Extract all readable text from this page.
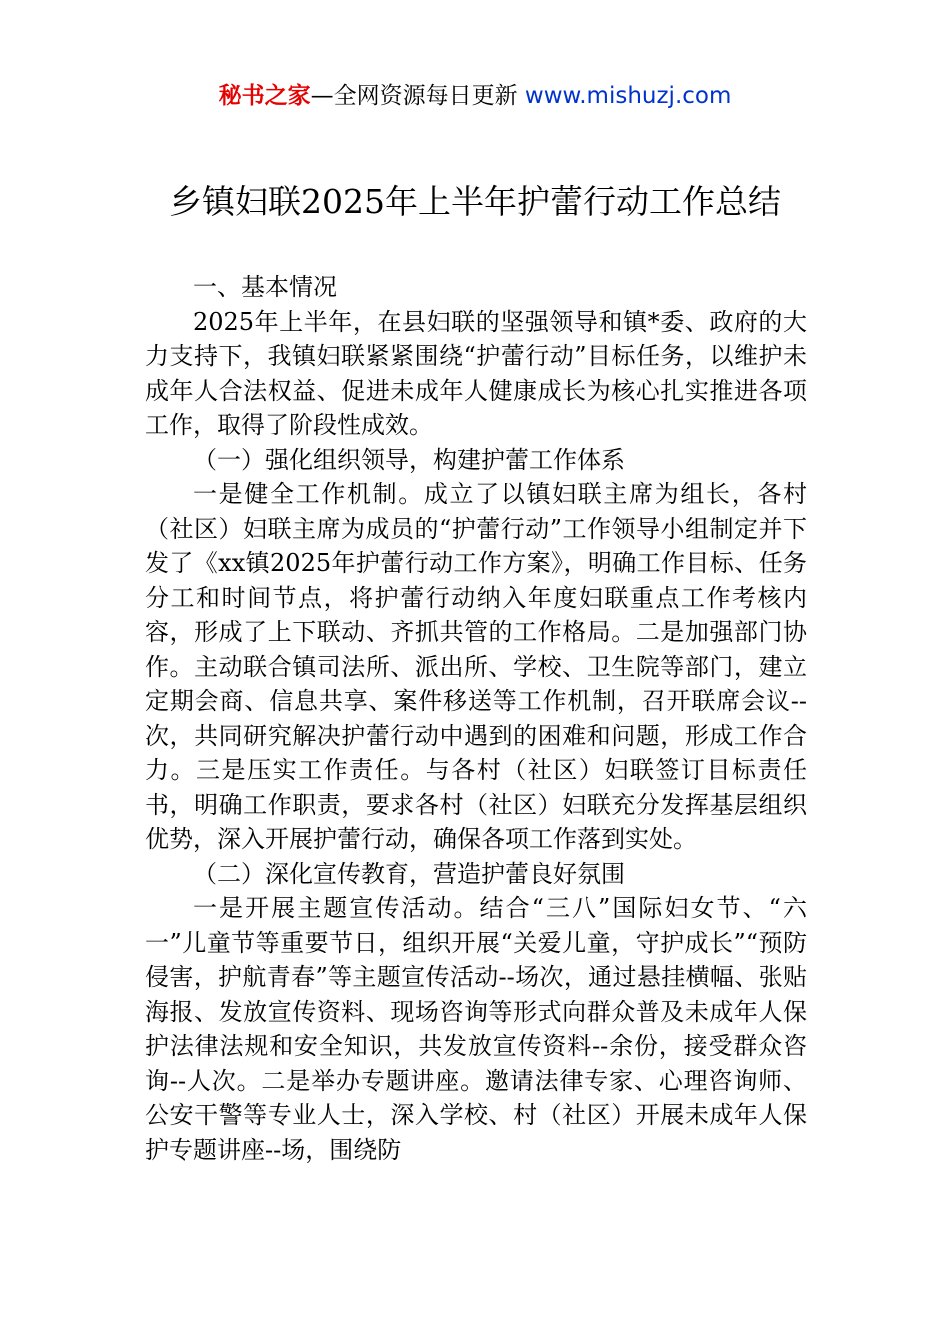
秘书之家—全网资源每日更新 www.mishuzj.com
乡镇妇联2025年上半年护蕾行动工作总结

一、基本情况

2025年上半年，在县妇联的坚强领导和镇*委、政府的大力支持下，我镇妇联紧紧围绕“护蕾行动”目标任务，以维护未成年人合法权益、促进未成年人健康成长为核心扎实推进各项工作，取得了阶段性成效。

（一）强化组织领导，构建护蕾工作体系

一是健全工作机制。成立了以镇妇联主席为组长，各村（社区）妇联主席为成员的“护蕾行动”工作领导小组制定并下发了《xx镇2025年护蕾行动工作方案》，明确工作目标、任务分工和时间节点，将护蕾行动纳入年度妇联重点工作考核内容，形成了上下联动、齐抓共管的工作格局。二是加强部门协作。主动联合镇司法所、派出所、学校、卫生院等部门，建立定期会商、信息共享、案件移送等工作机制，召开联席会议--次，共同研究解决护蕾行动中遇到的困难和问题，形成工作合力。三是压实工作责任。与各村（社区）妇联签订目标责任书，明确工作职责，要求各村（社区）妇联充分发挥基层组织优势，深入开展护蕾行动，确保各项工作落到实处。

（二）深化宣传教育，营造护蕾良好氛围

一是开展主题宣传活动。结合“三八”国际妇女节、“六一”儿童节等重要节日，组织开展“关爱儿童，守护成长”“预防侵害，护航青春”等主题宣传活动--场次，通过悬挂横幅、张贴海报、发放宣传资料、现场咨询等形式向群众普及未成年人保护法律法规和安全知识，共发放宣传资料--余份，接受群众咨询--人次。二是举办专题讲座。邀请法律专家、心理咨询师、公安干警等专业人士，深入学校、村（社区）开展未成年人保护专题讲座--场，围绕防
